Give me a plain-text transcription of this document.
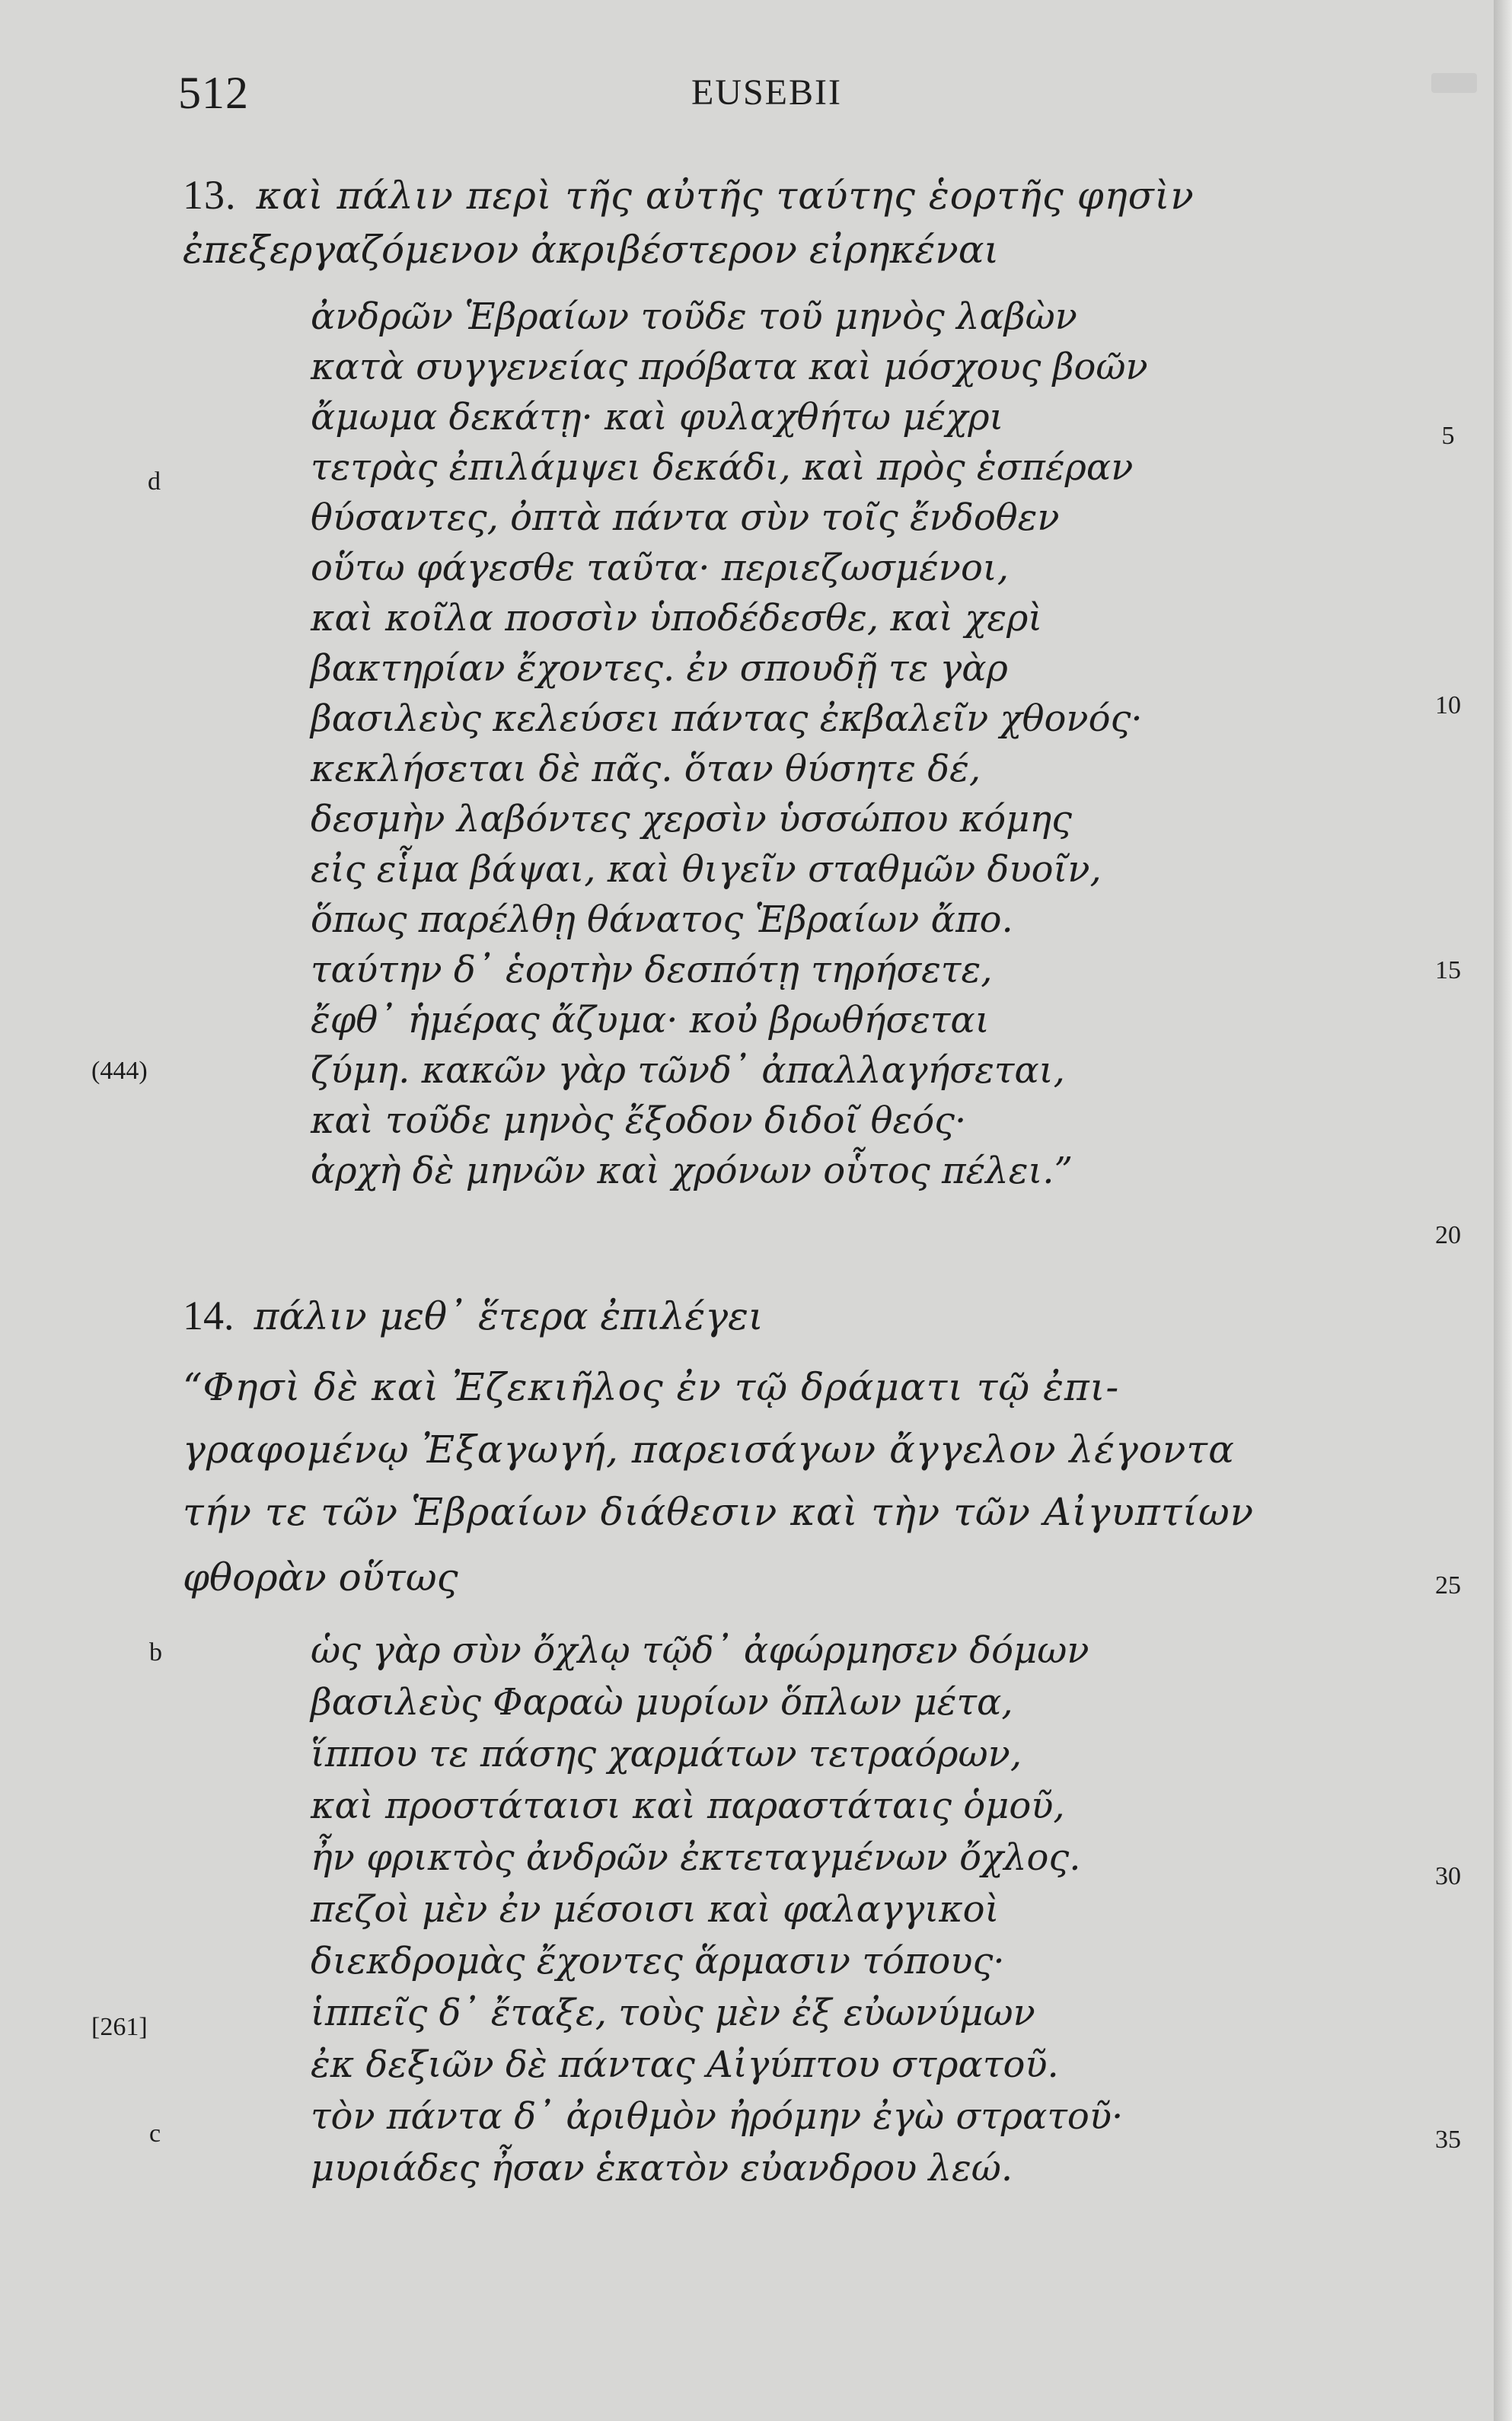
512	EUSEBII
13. καὶ πάλιν περὶ τῆς αὐτῆς ταύτης ἑορτῆς φησὶν
ἐπεξεργαζόμενον ἀκριβέστερον εἰρηκέναι
ἀνδρῶν Ἑβραίων τοῦδε τοῦ μηνὸς λαβὼν
κατὰ συγγενείας πρόβατα καὶ μόσχους βοῶν
ἄμωμα δεκάτῃ· καὶ φυλαχθήτω μέχρι
τετρὰς ἐπιλάμψει δεκάδι, καὶ πρὸς ἑσπέραν
θύσαντες, ὀπτὰ πάντα σὺν τοῖς ἔνδοθεν
οὕτω φάγεσθε ταῦτα· περιεζωσμένοι,
καὶ κοῖλα ποσσὶν ὑποδέδεσθε, καὶ χερὶ
βακτηρίαν ἔχοντες. ἐν σπουδῇ τε γὰρ
βασιλεὺς κελεύσει πάντας ἐκβαλεῖν χθονός·
κεκλήσεται δὲ πᾶς. ὅταν θύσητε δέ,
δεσμὴν λαβόντες χερσὶν ὑσσώπου κόμης
εἰς εἷμα βάψαι, καὶ θιγεῖν σταθμῶν δυοῖν,
ὅπως παρέλθῃ θάνατος Ἑβραίων ἄπο.
ταύτην δ᾽ ἑορτὴν δεσπότῃ τηρήσετε,
ἔφθ᾽ ἡμέρας ἄζυμα· κοὐ βρωθήσεται
ζύμη. κακῶν γὰρ τῶνδ᾽ ἀπαλλαγήσεται,
καὶ τοῦδε μηνὸς ἔξοδον διδοῖ θεός·
ἀρχὴ δὲ μηνῶν καὶ χρόνων οὗτος πέλει.”
14. πάλιν μεθ᾽ ἕτερα ἐπιλέγει
“Φησὶ δὲ καὶ Ἐζεκιῆλος ἐν τῷ δράματι τῷ ἐπι-
γραφομένῳ Ἐξαγωγή, παρεισάγων ἄγγελον λέγοντα
τήν τε τῶν Ἑβραίων διάθεσιν καὶ τὴν τῶν Αἰγυπτίων
φθορὰν οὕτως
ὡς γὰρ σὺν ὄχλῳ τῷδ᾽ ἀφώρμησεν δόμων
βασιλεὺς Φαραὼ μυρίων ὅπλων μέτα,
ἵππου τε πάσης χαρμάτων τετραόρων,
καὶ προστάταισι καὶ παραστάταις ὁμοῦ,
ἦν φρικτὸς ἀνδρῶν ἐκτεταγμένων ὄχλος.
πεζοὶ μὲν ἐν μέσοισι καὶ φαλαγγικοὶ
διεκδρομὰς ἔχοντες ἅρμασιν τόπους·
ἱππεῖς δ᾽ ἔταξε, τοὺς μὲν ἐξ εὐωνύμων
ἐκ δεξιῶν δὲ πάντας Αἰγύπτου στρατοῦ.
τὸν πάντα δ᾽ ἀριθμὸν ἠρόμην ἐγὼ στρατοῦ·
μυριάδες ἦσαν ἑκατὸν εὐανδρου λεώ.
5
10
15
20
25
30
35
d
(444)
b
[261]
c
